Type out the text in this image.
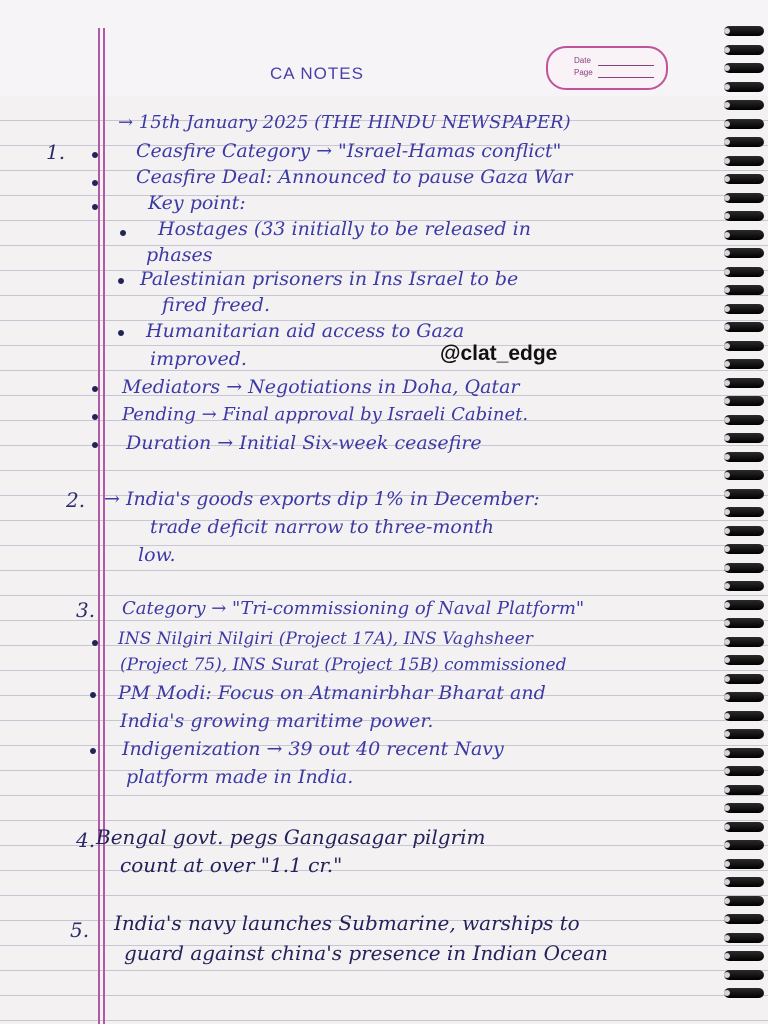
CA NOTES
Date
Page
1.
2.
3.
4.
5.
→ 15th January 2025 (THE HINDU NEWSPAPER)
Ceasfire Category → "Israel-Hamas conflict"
Ceasfire Deal: Announced to pause Gaza War
Key point:
Hostages (33 initially to be released in
phases
Palestinian prisoners in Ins Israel to be
fired freed.
Humanitarian aid access to Gaza
improved.
Mediators → Negotiations in Doha, Qatar
Pending → Final approval by Israeli Cabinet.
Duration → Initial Six-week ceasefire
→ India's goods exports dip 1% in December:
trade deficit narrow to three-month
low.
Category → "Tri-commissioning of Naval Platform"
INS Nilgiri Nilgiri (Project 17A), INS Vaghsheer
(Project 75), INS Surat (Project 15B) commissioned
PM Modi: Focus on Atmanirbhar Bharat and
India's growing maritime power.
Indigenization → 39 out 40 recent Navy
platform made in India.
Bengal govt. pegs Gangasagar pilgrim
count at over "1.1 cr."
India's navy launches Submarine, warships to
guard against china's presence in Indian Ocean
@clat_edge
